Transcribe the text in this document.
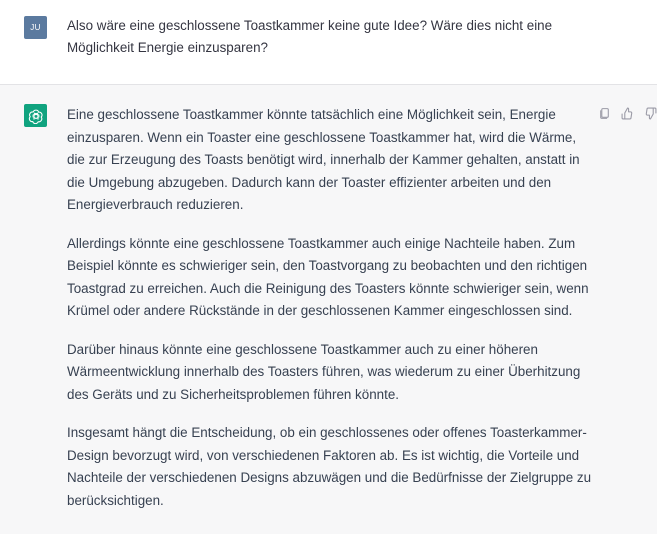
JU Also wäre eine geschlossene Toastkammer keine gute Idee? Wäre dies nicht eine
Möglichkeit Energie einzusparen?

Eine geschlossene Toastkammer könnte tatsächlich eine Möglichkeit sein, Energie einzusparen. Wenn ein Toaster eine geschlossene Toastkammer hat, wird die Wärme, die zur Erzeugung des Toasts benötigt wird, innerhalb der Kammer gehalten, anstatt in die Umgebung abzugeben. Dadurch kann der Toaster effizienter arbeiten und den Energieverbrauch reduzieren.

Allerdings könnte eine geschlossene Toastkammer auch einige Nachteile haben. Zum Beispiel könnte es schwieriger sein, den Toastvorgang zu beobachten und den richtigen Toastgrad zu erreichen. Auch die Reinigung des Toasters könnte schwieriger sein, wenn Krümel oder andere Rückstände in der geschlossenen Kammer eingeschlossen sind.

Darüber hinaus könnte eine geschlossene Toastkammer auch zu einer höheren Wärmeentwicklung innerhalb des Toasters führen, was wiederum zu einer Überhitzung des Geräts und zu Sicherheitsproblemen führen könnte.

Insgesamt hängt die Entscheidung, ob ein geschlossenes oder offenes Toasterkammer-Design bevorzugt wird, von verschiedenen Faktoren ab. Es ist wichtig, die Vorteile und Nachteile der verschiedenen Designs abzuwägen und die Bedürfnisse der Zielgruppe zu berücksichtigen.
